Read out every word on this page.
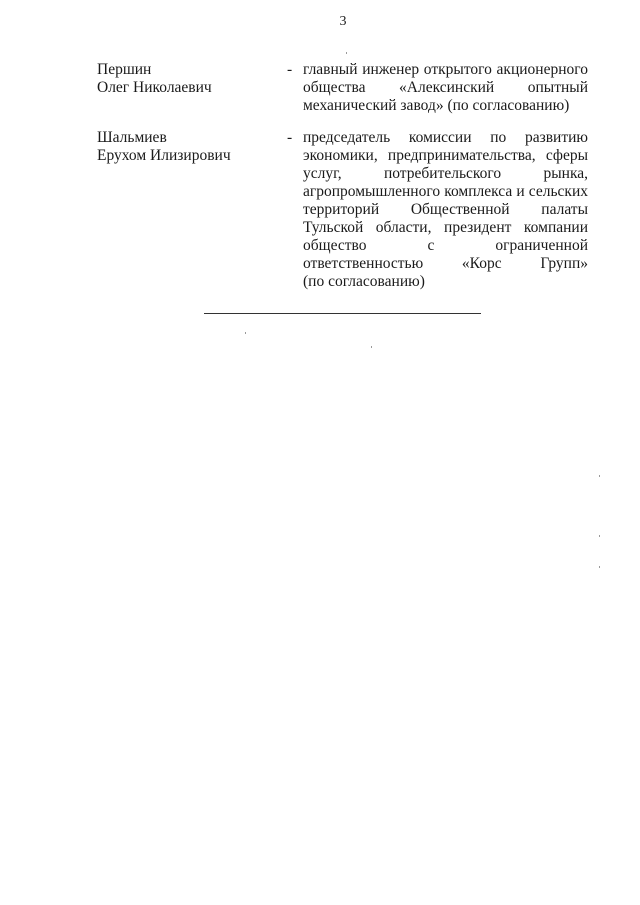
3
Першин
Олег Николаевич
- главный инженер открытого акционерного
общества «Алексинский опытный
механический завод» (по согласованию)
Шальмиев
Ерухом Илизирович
- председатель комиссии по развитию
экономики, предпринимательства, сферы
услуг, потребительского рынка,
агропромышленного комплекса и сельских
территорий Общественной палаты
Тульской области, президент компании
общество с ограниченной
ответственностью «Корс Групп»
(по согласованию)
